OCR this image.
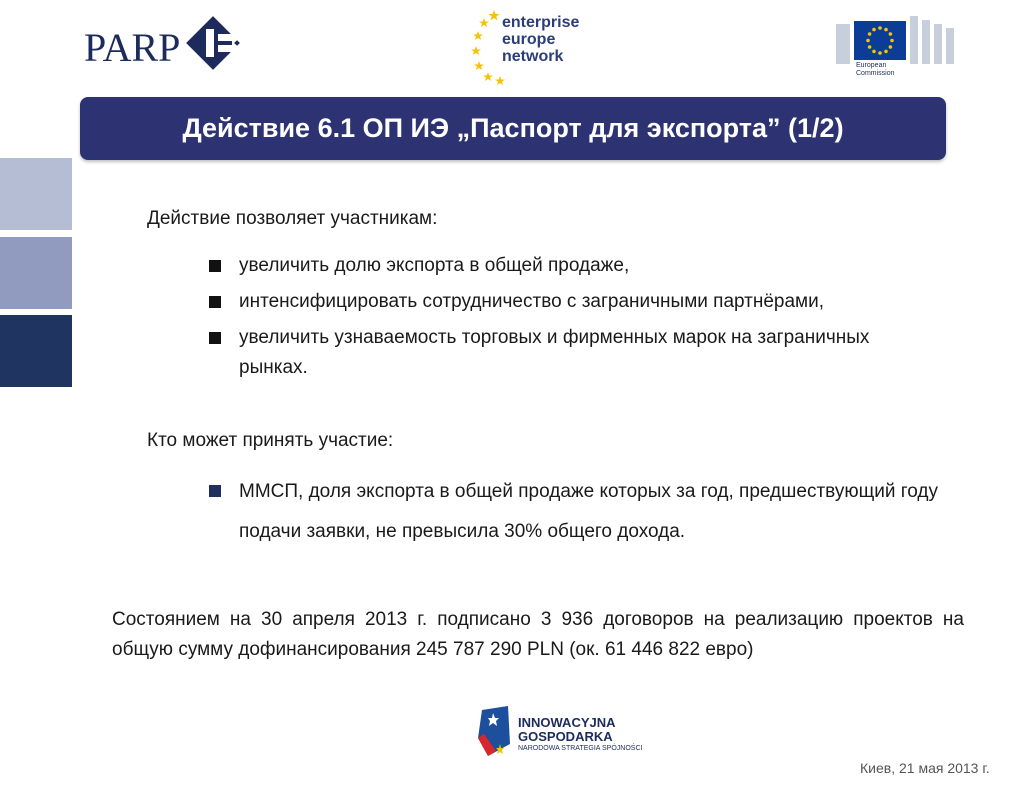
PARP
enterprise
europe
network
European
Commission
Действие 6.1 ОП ИЭ „Паспорт для экспорта” (1/2)
Действие позволяет участникам:
увеличить долю экспорта в общей продаже,
интенсифицировать сотрудничество с заграничными партнёрами,
увеличить узнаваемость торговых и фирменных марок на заграничных рынках.
Кто может принять участие:
ММСП, доля экспорта в общей продаже которых за год, предшествующий году подачи заявки, не превысила 30% общего дохода.
Состоянием на 30 апреля 2013 г. подписано 3 936 договоров на реализацию проектов на общую сумму дофинансирования 245 787 290 PLN (ок. 61 446 822 евро)
INNOWACYJNA
GOSPODARKA
NARODOWA STRATEGIA SPÓJNOŚCI
Киев, 21 мая 2013 г.
